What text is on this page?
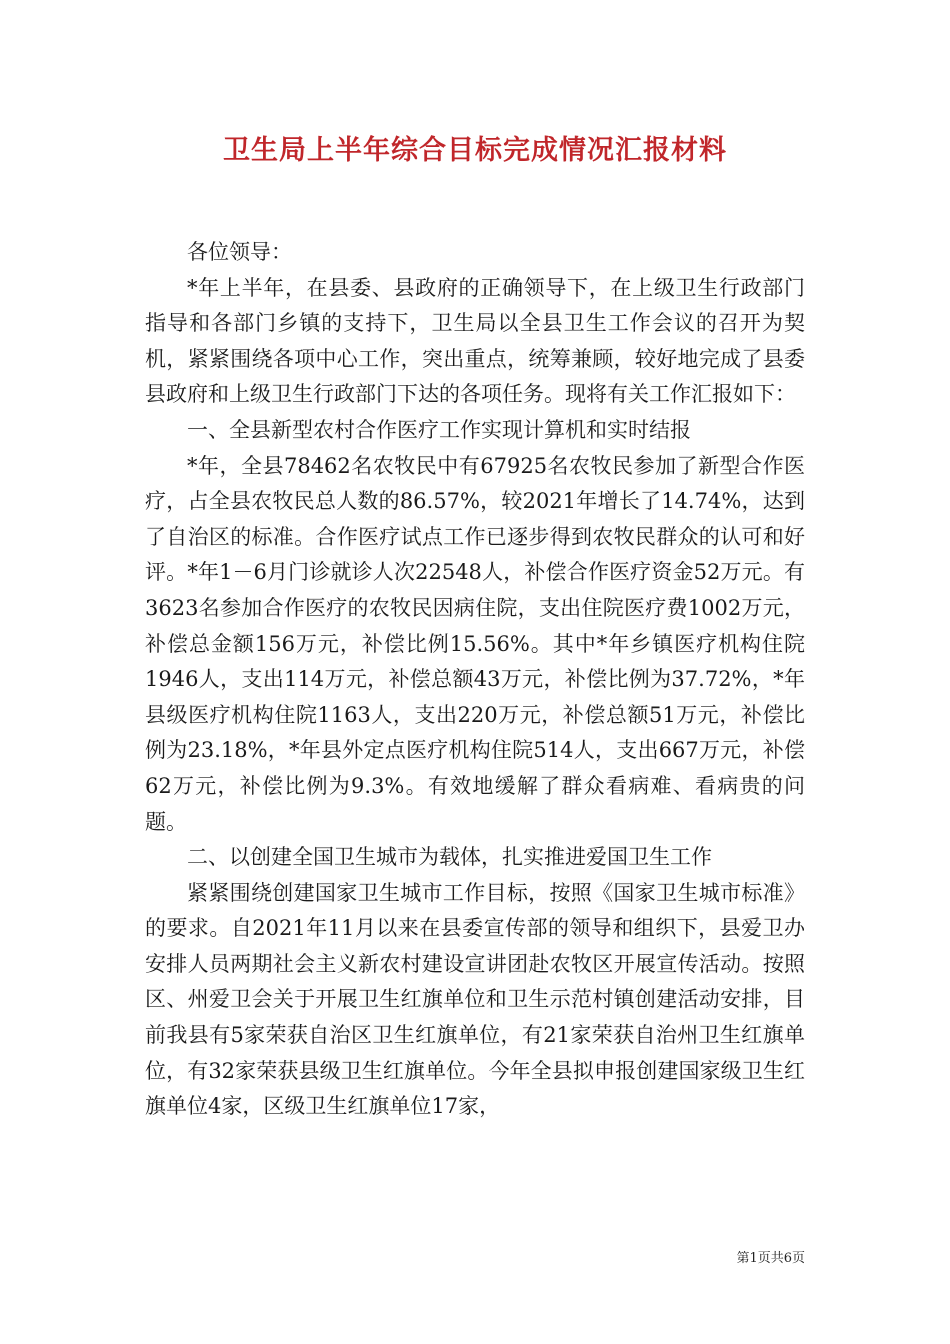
卫生局上半年综合目标完成情况汇报材料

各位领导：

*年上半年，在县委、县政府的正确领导下，在上级卫生行政部门指导和各部门乡镇的支持下，卫生局以全县卫生工作会议的召开为契机，紧紧围绕各项中心工作，突出重点，统筹兼顾，较好地完成了县委县政府和上级卫生行政部门下达的各项任务。现将有关工作汇报如下：

一、全县新型农村合作医疗工作实现计算机和实时结报

*年，全县78462名农牧民中有67925名农牧民参加了新型合作医疗，占全县农牧民总人数的86.57%，较2021年增长了14.74%，达到了自治区的标准。合作医疗试点工作已逐步得到农牧民群众的认可和好评。*年1－6月门诊就诊人次22548人，补偿合作医疗资金52万元。有3623名参加合作医疗的农牧民因病住院，支出住院医疗费1002万元，补偿总金额156万元，补偿比例15.56%。其中*年乡镇医疗机构住院1946人，支出114万元，补偿总额43万元，补偿比例为37.72%，*年县级医疗机构住院1163人，支出220万元，补偿总额51万元，补偿比例为23.18%，*年县外定点医疗机构住院514人，支出667万元，补偿62万元，补偿比例为9.3%。有效地缓解了群众看病难、看病贵的问题。

二、以创建全国卫生城市为载体，扎实推进爱国卫生工作

紧紧围绕创建国家卫生城市工作目标，按照《国家卫生城市标准》的要求。自2021年11月以来在县委宣传部的领导和组织下，县爱卫办安排人员两期社会主义新农村建设宣讲团赴农牧区开展宣传活动。按照区、州爱卫会关于开展卫生红旗单位和卫生示范村镇创建活动安排，目前我县有5家荣获自治区卫生红旗单位，有21家荣获自治州卫生红旗单位，有32家荣获县级卫生红旗单位。今年全县拟申报创建国家级卫生红旗单位4家，区级卫生红旗单位17家，

第1页共6页
